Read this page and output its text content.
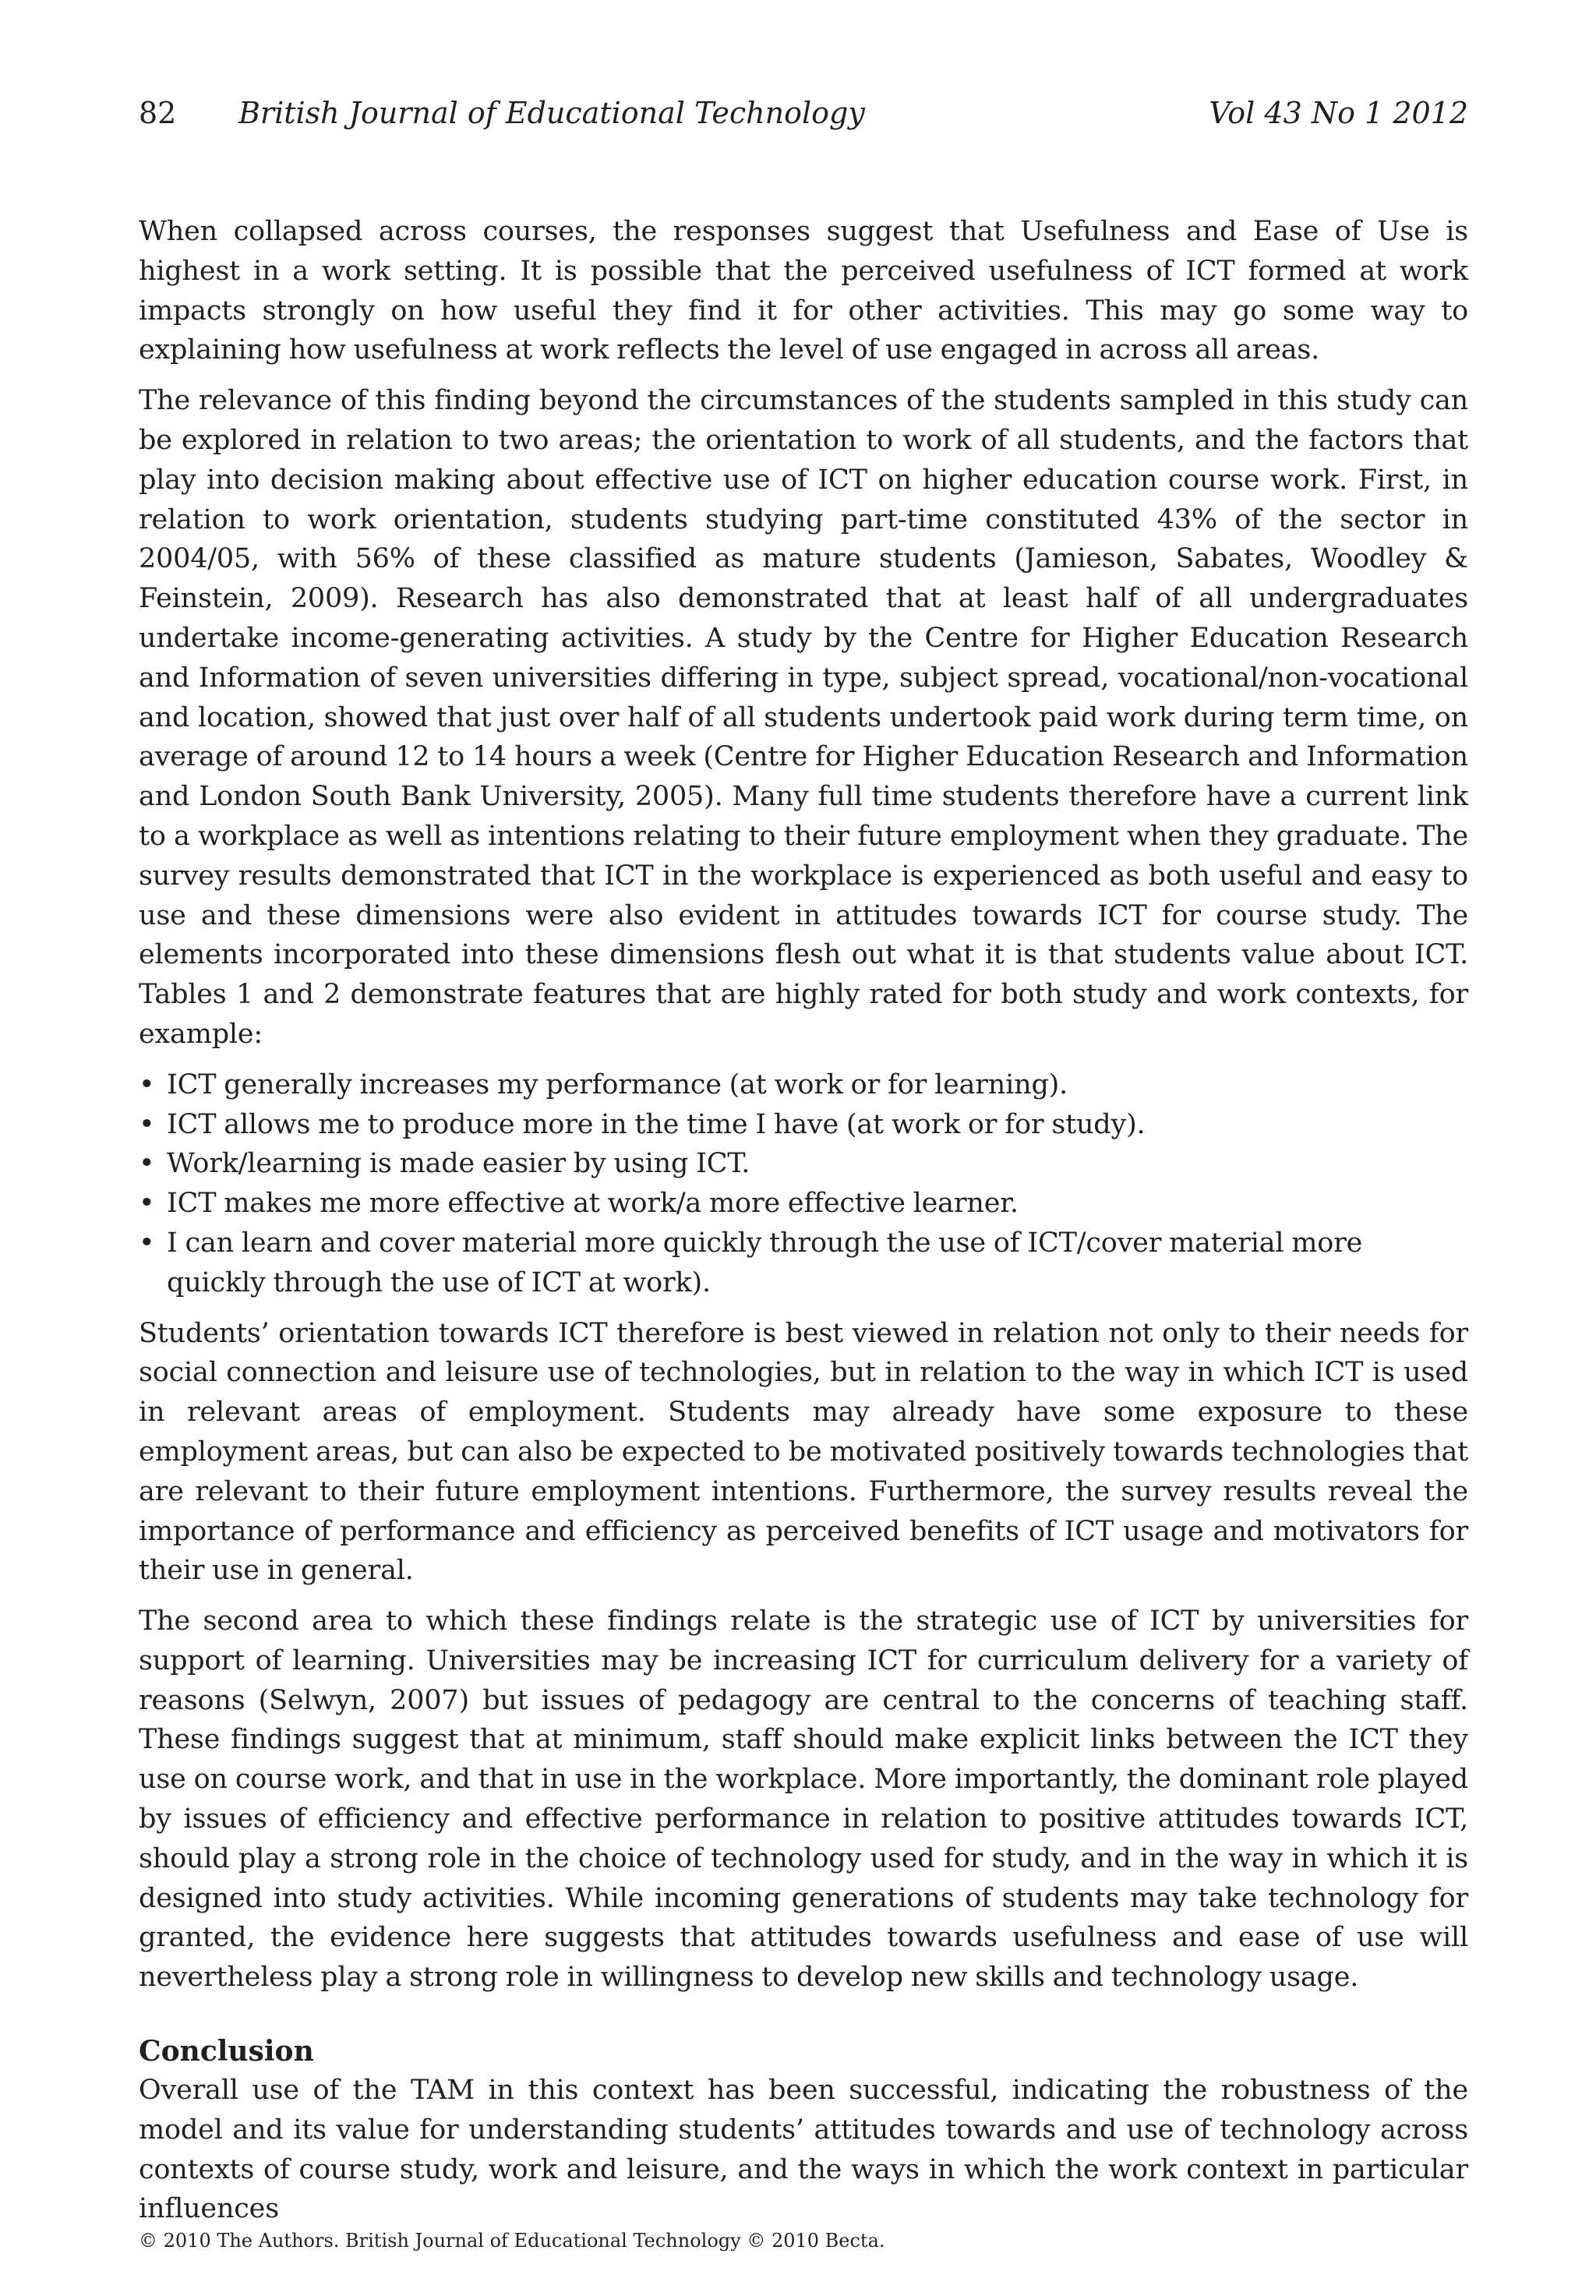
82 British Journal of Educational Technology	Vol 43 No 1 2012

When collapsed across courses, the responses suggest that Usefulness and Ease of Use is highest in a work setting. It is possible that the perceived usefulness of ICT formed at work impacts strongly on how useful they find it for other activities. This may go some way to explaining how usefulness at work reflects the level of use engaged in across all areas.

The relevance of this finding beyond the circumstances of the students sampled in this study can be explored in relation to two areas; the orientation to work of all students, and the factors that play into decision making about effective use of ICT on higher education course work. First, in relation to work orientation, students studying part-time constituted 43% of the sector in 2004/05, with 56% of these classified as mature students (Jamieson, Sabates, Woodley & Feinstein, 2009). Research has also demonstrated that at least half of all undergraduates undertake income-generating activities. A study by the Centre for Higher Education Research and Information of seven universities differing in type, subject spread, vocational/non-vocational and location, showed that just over half of all students undertook paid work during term time, on average of around 12 to 14 hours a week (Centre for Higher Education Research and Information and London South Bank University, 2005). Many full time students therefore have a current link to a workplace as well as intentions relating to their future employment when they graduate. The survey results demonstrated that ICT in the workplace is experienced as both useful and easy to use and these dimensions were also evident in attitudes towards ICT for course study. The elements incorporated into these dimensions flesh out what it is that students value about ICT. Tables 1 and 2 demonstrate features that are highly rated for both study and work contexts, for example:

• ICT generally increases my performance (at work or for learning).
• ICT allows me to produce more in the time I have (at work or for study).
• Work/learning is made easier by using ICT.
• ICT makes me more effective at work/a more effective learner.
• I can learn and cover material more quickly through the use of ICT/cover material more quickly through the use of ICT at work).

Students’ orientation towards ICT therefore is best viewed in relation not only to their needs for social connection and leisure use of technologies, but in relation to the way in which ICT is used in relevant areas of employment. Students may already have some exposure to these employment areas, but can also be expected to be motivated positively towards technologies that are relevant to their future employment intentions. Furthermore, the survey results reveal the importance of performance and efficiency as perceived benefits of ICT usage and motivators for their use in general.

The second area to which these findings relate is the strategic use of ICT by universities for support of learning. Universities may be increasing ICT for curriculum delivery for a variety of reasons (Selwyn, 2007) but issues of pedagogy are central to the concerns of teaching staff. These findings suggest that at minimum, staff should make explicit links between the ICT they use on course work, and that in use in the workplace. More importantly, the dominant role played by issues of efficiency and effective performance in relation to positive attitudes towards ICT, should play a strong role in the choice of technology used for study, and in the way in which it is designed into study activities. While incoming generations of students may take technology for granted, the evidence here suggests that attitudes towards usefulness and ease of use will nevertheless play a strong role in willingness to develop new skills and technology usage.

Conclusion

Overall use of the TAM in this context has been successful, indicating the robustness of the model and its value for understanding students’ attitudes towards and use of technology across contexts of course study, work and leisure, and the ways in which the work context in particular influences

© 2010 The Authors. British Journal of Educational Technology © 2010 Becta.
